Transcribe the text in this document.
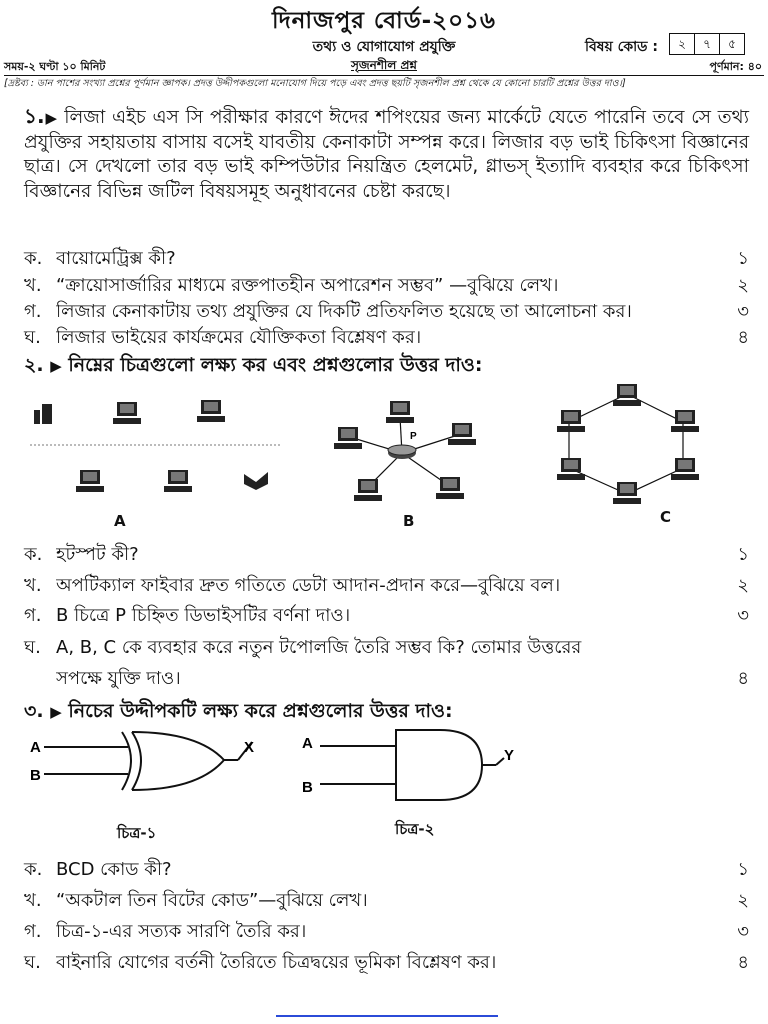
দিনাজপুর বোর্ড-২০১৬
তথ্য ও যোগাযোগ প্রযুক্তি	বিষয় কোড :	২	৭	৫
সময়-২ ঘণ্টা ১০ মিনিট	সৃজনশীল প্রশ্ন	পূর্ণমান: ৪০
[দ্রষ্টব্য : ডান পাশের সংখ্যা প্রশ্নের পূর্ণমান জ্ঞাপক। প্রদত্ত উদ্দীপকগুলো মনোযোগ দিয়ে পড়ে এবং প্রদত্ত ছয়টি সৃজনশীল প্রশ্ন থেকে যে কোনো চারটি প্রশ্নের উত্তর দাও।]

১.▶ লিজা এইচ এস সি পরীক্ষার কারণে ঈদের শপিংয়ের জন্য মার্কেটে যেতে পারেনি তবে সে তথ্য প্রযুক্তির সহায়তায় বাসায় বসেই যাবতীয় কেনাকাটা সম্পন্ন করে। লিজার বড় ভাই চিকিৎসা বিজ্ঞানের ছাত্র। সে দেখলো তার বড় ভাই কম্পিউটার নিয়ন্ত্রিত হেলমেট, গ্লাভস্ ইত্যাদি ব্যবহার করে চিকিৎসা বিজ্ঞানের বিভিন্ন জটিল বিষয়সমূহ অনুধাবনের চেষ্টা করছে।

ক. বায়োমেট্রিক্স কী?	১
খ. “ক্রায়োসার্জারির মাধ্যমে রক্তপাতহীন অপারেশন সম্ভব” —বুঝিয়ে লেখ।	২
গ. লিজার কেনাকাটায় তথ্য প্রযুক্তির যে দিকটি প্রতিফলিত হয়েছে তা আলোচনা কর।	৩
ঘ. লিজার ভাইয়ের কার্যক্রমের যৌক্তিকতা বিশ্লেষণ কর।	৪
২. ▶ নিম্নের চিত্রগুলো লক্ষ্য কর এবং প্রশ্নগুলোর উত্তর দাও:
A
P
B	C
ক. হটস্পট কী?	১
খ. অপটিক্যাল ফাইবার দ্রুত গতিতে ডেটা আদান-প্রদান করে—বুঝিয়ে বল।	২
গ. B চিত্রে P চিহ্নিত ডিভাইসটির বর্ণনা দাও।	৩
ঘ. A, B, C কে ব্যবহার করে নতুন টপোলজি তৈরি সম্ভব কি? তোমার উত্তরের
সপক্ষে যুক্তি দাও।	৪
৩. ▶ নিচের উদ্দীপকটি লক্ষ্য করে প্রশ্নগুলোর উত্তর দাও:
A
B
X
চিত্র-১
A
B
Y
চিত্র-২
ক. BCD কোড কী?	১
খ. “অকটাল তিন বিটের কোড”—বুঝিয়ে লেখ।	২
গ. চিত্র-১-এর সত্যক সারণি তৈরি কর।	৩
ঘ. বাইনারি যোগের বর্তনী তৈরিতে চিত্রদ্বয়ের ভূমিকা বিশ্লেষণ কর।	৪
